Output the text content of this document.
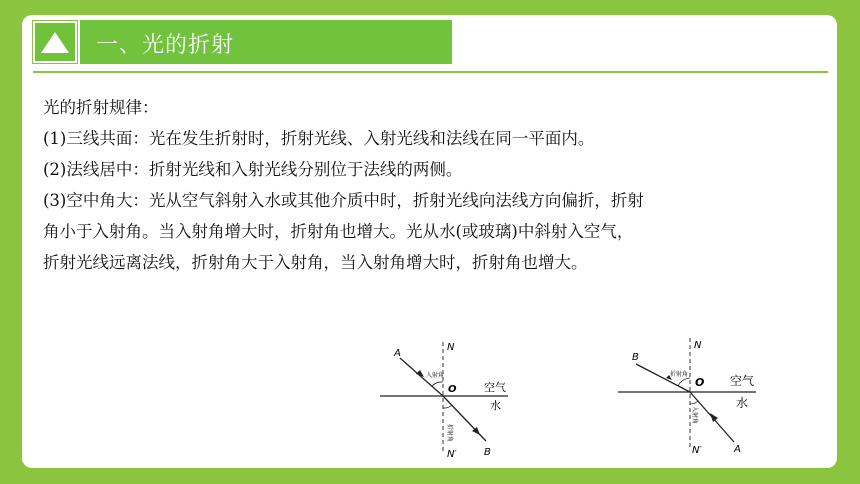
一、光的折射
光的折射规律：
(1)三线共面：光在发生折射时，折射光线、入射光线和法线在同一平面内。
(2)法线居中：折射光线和入射光线分别位于法线的两侧。
(3)空中角大：光从空气斜射入水或其他介质中时，折射光线向法线方向偏折，折射
角小于入射角。当入射角增大时，折射角也增大。光从水(或玻璃)中斜射入空气，
折射光线远离法线，折射角大于入射角，当入射角增大时，折射角也增大。
A
N
N′
O
B
空气
水
入射角
折射角
B
N
N′
O
A
空气
水
折射角
入射角
